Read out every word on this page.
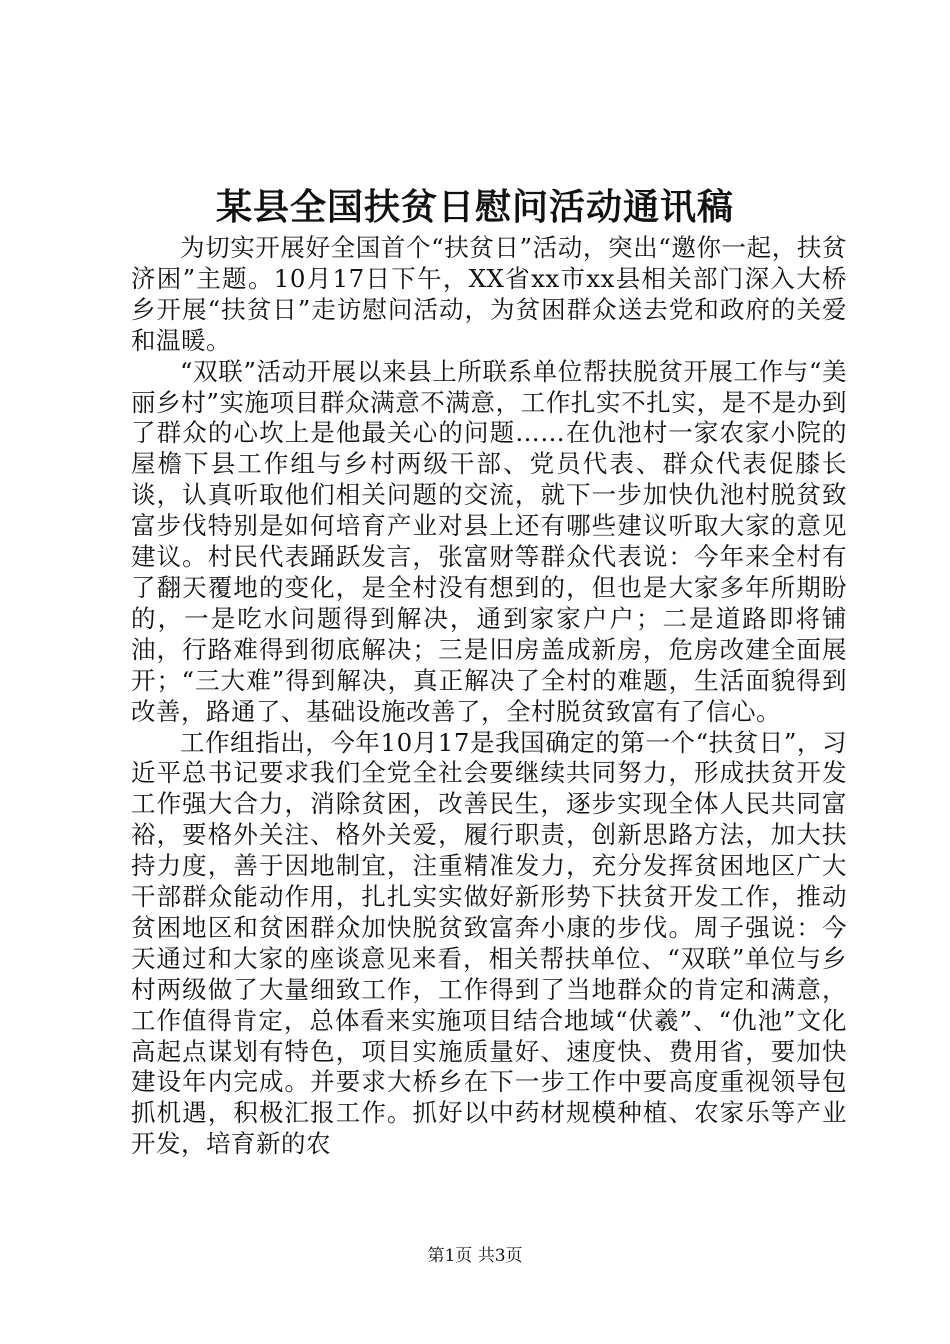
某县全国扶贫日慰问活动通讯稿

为切实开展好全国首个“扶贫日”活动，突出“邀你一起，扶贫济困”主题。10月17日下午，XX省xx市xx县相关部门深入大桥乡开展“扶贫日”走访慰问活动，为贫困群众送去党和政府的关爱和温暖。

“双联”活动开展以来县上所联系单位帮扶脱贫开展工作与“美丽乡村”实施项目群众满意不满意，工作扎实不扎实，是不是办到了群众的心坎上是他最关心的问题……在仇池村一家农家小院的屋檐下县工作组与乡村两级干部、党员代表、群众代表促膝长谈，认真听取他们相关问题的交流，就下一步加快仇池村脱贫致富步伐特别是如何培育产业对县上还有哪些建议听取大家的意见建议。村民代表踊跃发言，张富财等群众代表说：今年来全村有了翻天覆地的变化，是全村没有想到的，但也是大家多年所期盼的，一是吃水问题得到解决，通到家家户户；二是道路即将铺油，行路难得到彻底解决；三是旧房盖成新房，危房改建全面展开；“三大难”得到解决，真正解决了全村的难题，生活面貌得到改善，路通了、基础设施改善了，全村脱贫致富有了信心。

工作组指出，今年10月17是我国确定的第一个“扶贫日”，习近平总书记要求我们全党全社会要继续共同努力，形成扶贫开发工作强大合力，消除贫困，改善民生，逐步实现全体人民共同富裕，要格外关注、格外关爱，履行职责，创新思路方法，加大扶持力度，善于因地制宜，注重精准发力，充分发挥贫困地区广大干部群众能动作用，扎扎实实做好新形势下扶贫开发工作，推动贫困地区和贫困群众加快脱贫致富奔小康的步伐。周子强说：今天通过和大家的座谈意见来看，相关帮扶单位、“双联”单位与乡村两级做了大量细致工作，工作得到了当地群众的肯定和满意，工作值得肯定，总体看来实施项目结合地域“伏羲”、“仇池”文化高起点谋划有特色，项目实施质量好、速度快、费用省，要加快建设年内完成。并要求大桥乡在下一步工作中要高度重视领导包抓机遇，积极汇报工作。抓好以中药材规模种植、农家乐等产业开发，培育新的农

第1页 共3页
